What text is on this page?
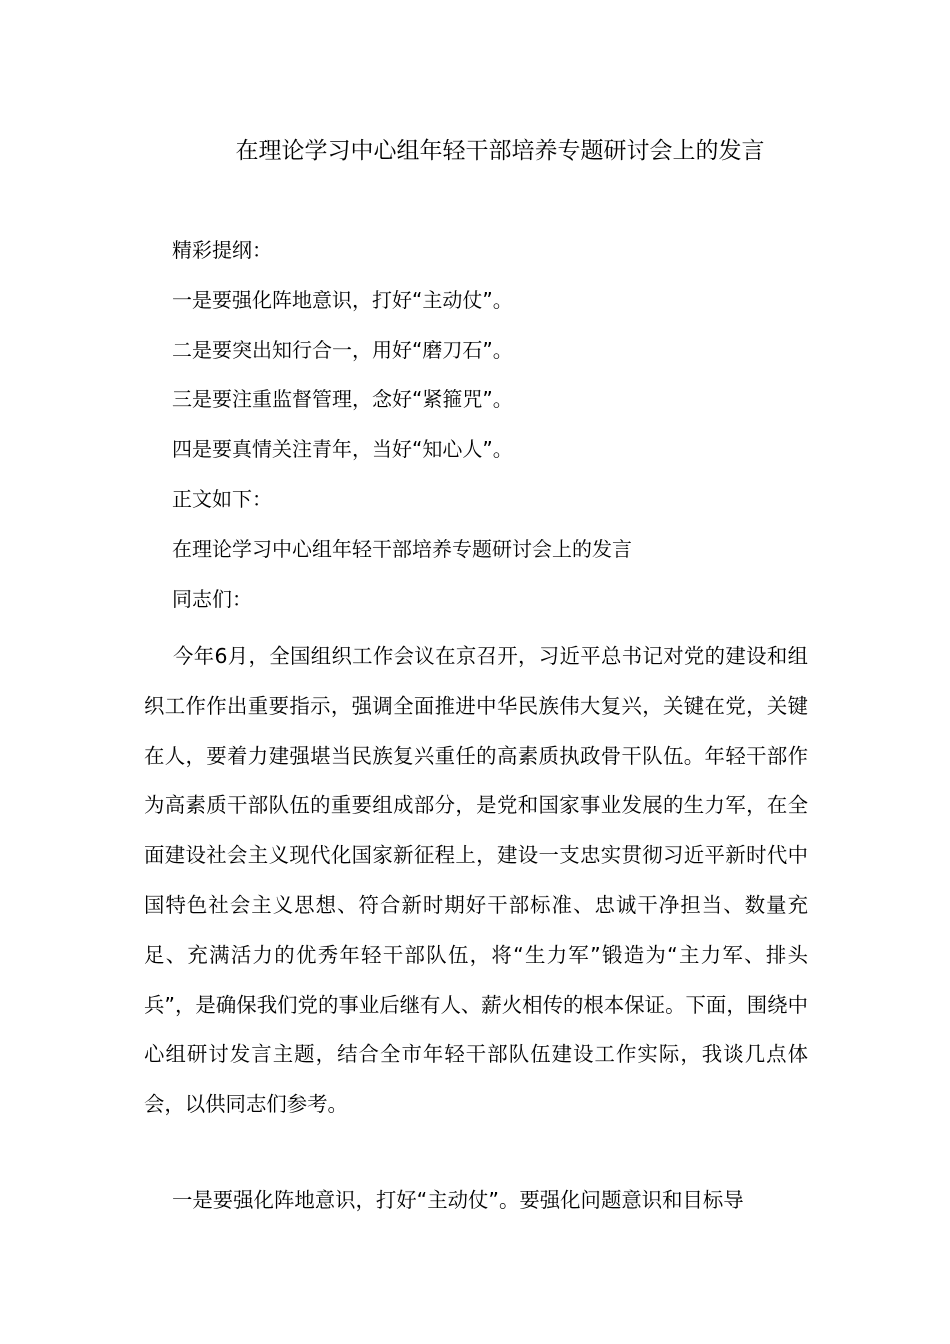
在理论学习中心组年轻干部培养专题研讨会上的发言
精彩提纲：
一是要强化阵地意识，打好“主动仗”。
二是要突出知行合一，用好“磨刀石”。
三是要注重监督管理，念好“紧箍咒”。
四是要真情关注青年，当好“知心人”。
正文如下：
在理论学习中心组年轻干部培养专题研讨会上的发言
同志们：

今年6月，全国组织工作会议在京召开，习近平总书记对党的建设和组织工作作出重要指示，强调全面推进中华民族伟大复兴，关键在党，关键在人，要着力建强堪当民族复兴重任的高素质执政骨干队伍。年轻干部作为高素质干部队伍的重要组成部分，是党和国家事业发展的生力军，在全面建设社会主义现代化国家新征程上，建设一支忠实贯彻习近平新时代中国特色社会主义思想、符合新时期好干部标准、忠诚干净担当、数量充足、充满活力的优秀年轻干部队伍，将“生力军”锻造为“主力军、排头兵”，是确保我们党的事业后继有人、薪火相传的根本保证。下面，围绕中心组研讨发言主题，结合全市年轻干部队伍建设工作实际，我谈几点体会，以供同志们参考。

一是要强化阵地意识，打好“主动仗”。要强化问题意识和目标导
